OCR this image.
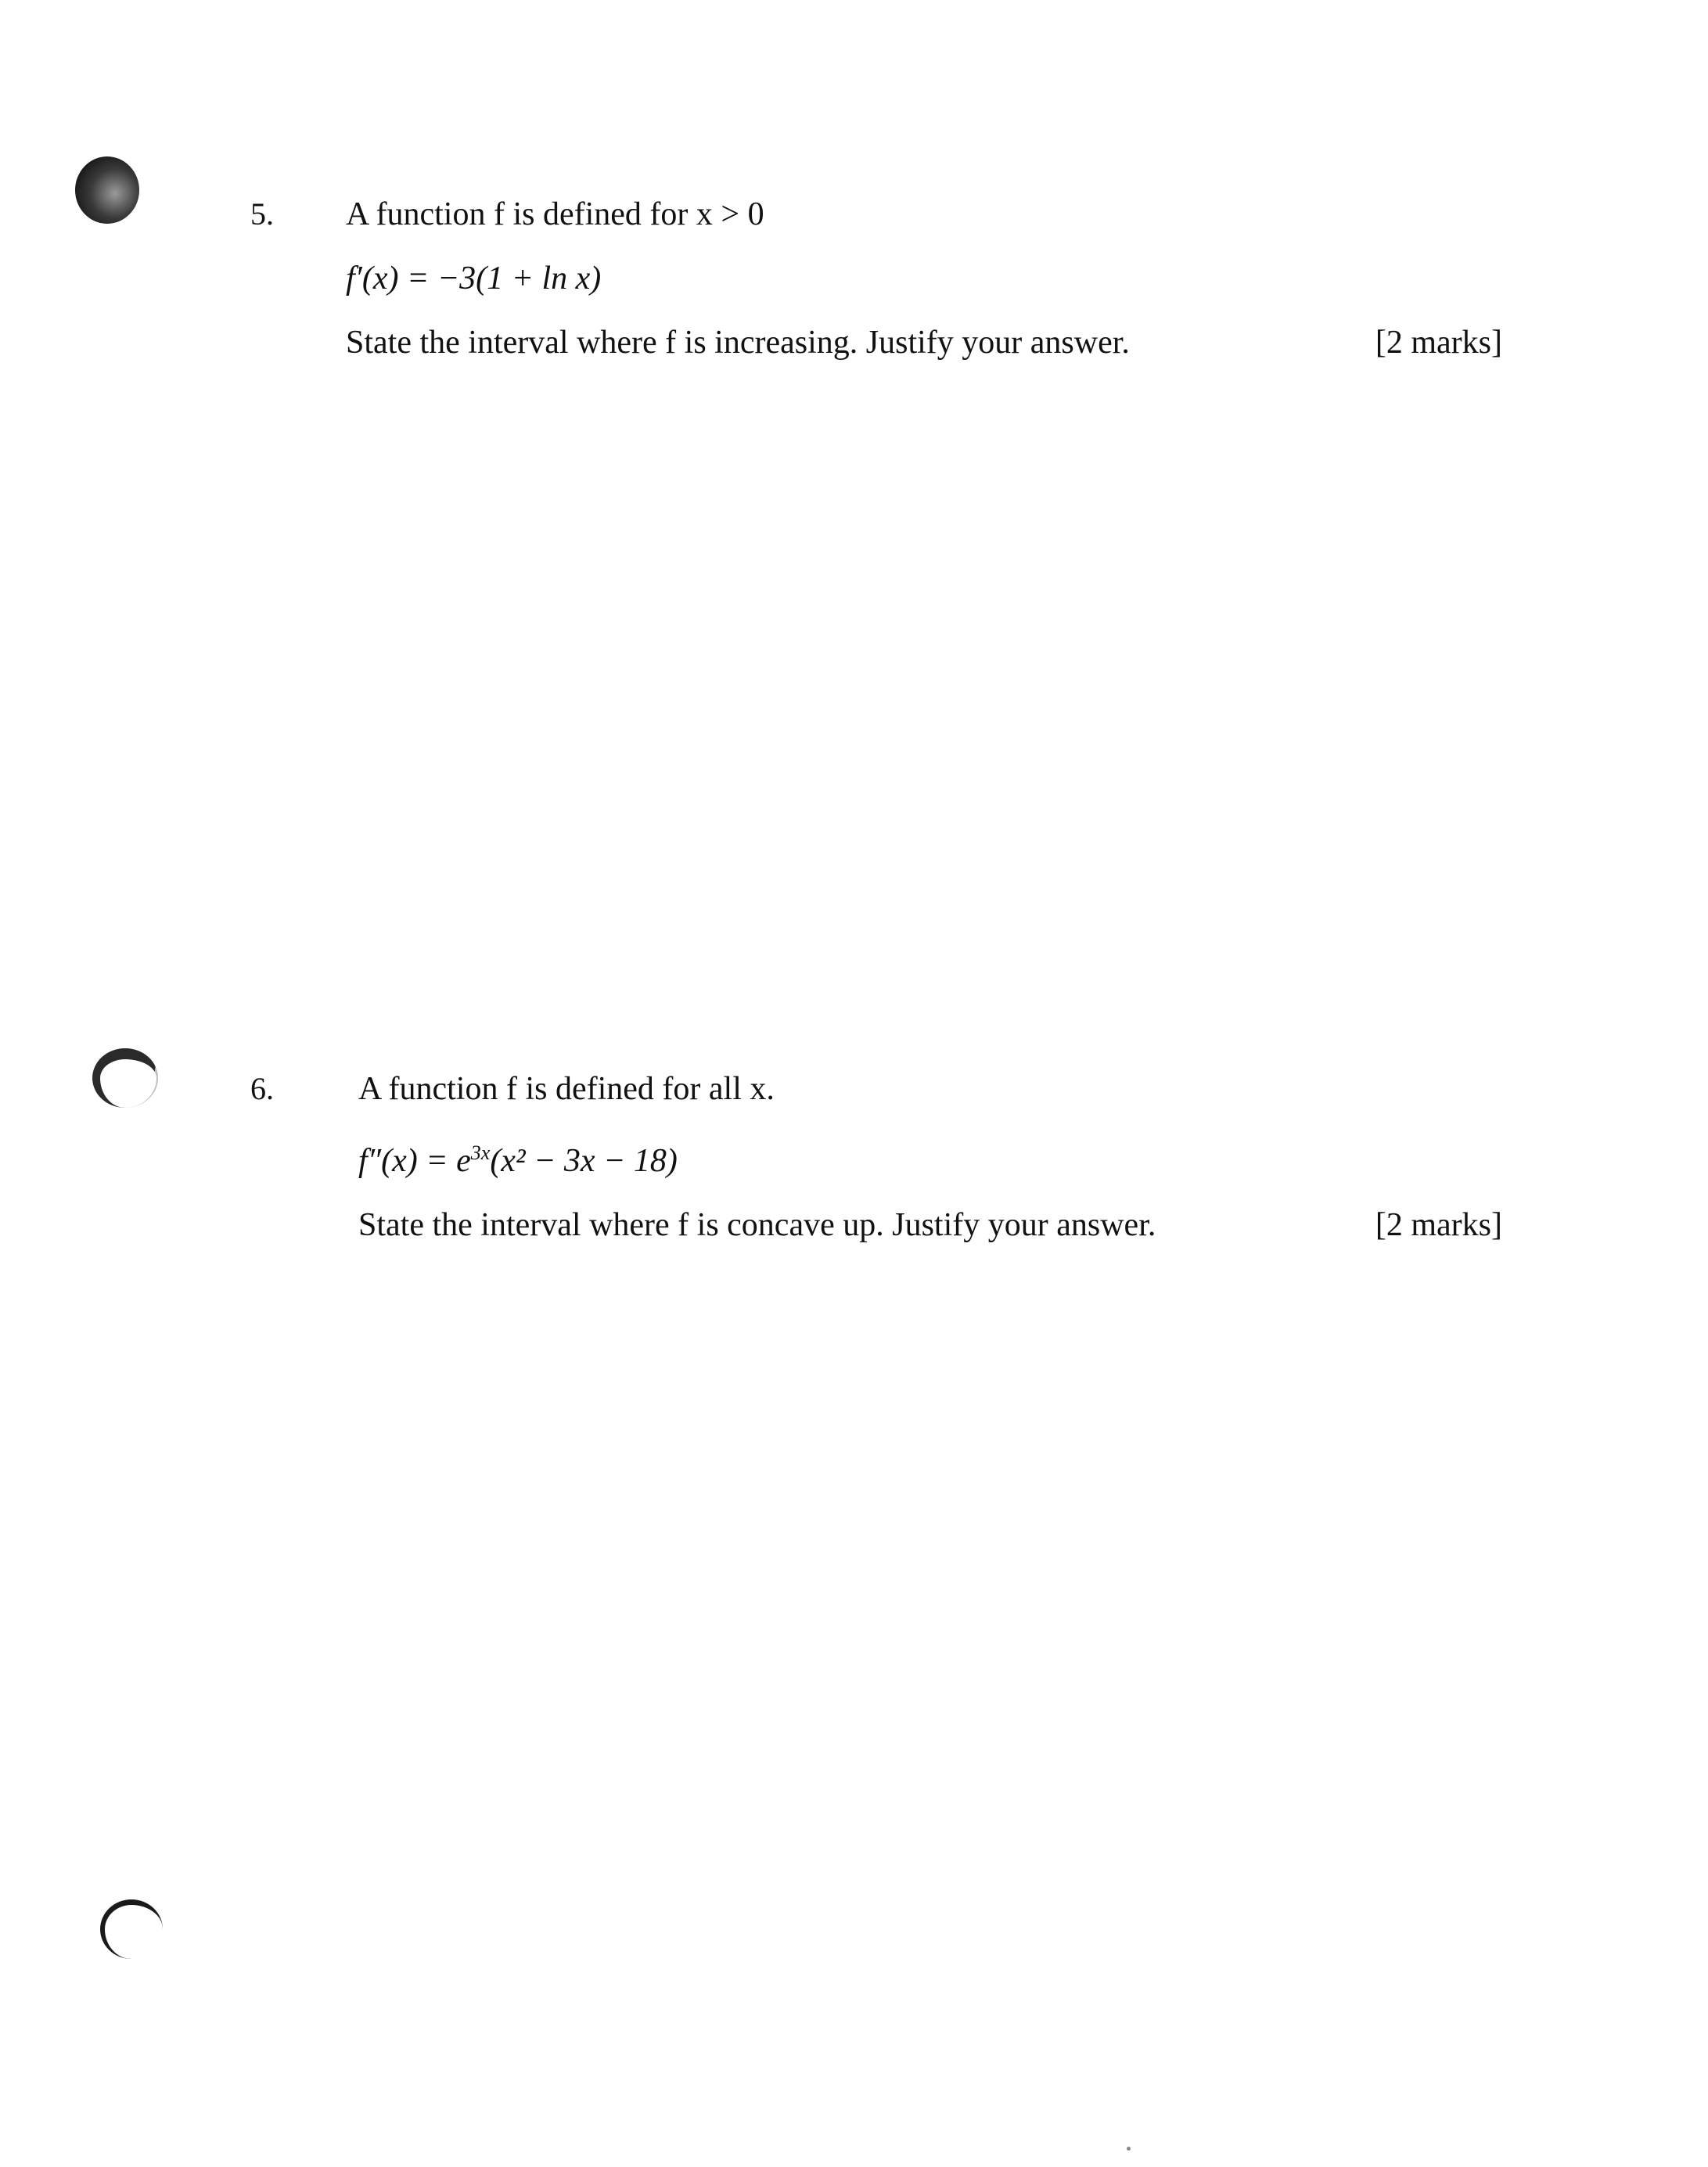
5. A function f is defined for x > 0
f′(x) = −3(1 + ln x)
State the interval where f is increasing. Justify your answer.	[2 marks]
6.	A function f is defined for all x.
$f''(x) = e^{3x}(x^2 - 3x - 18)$
State the interval where f is concave up. Justify your answer.	[2 marks]
